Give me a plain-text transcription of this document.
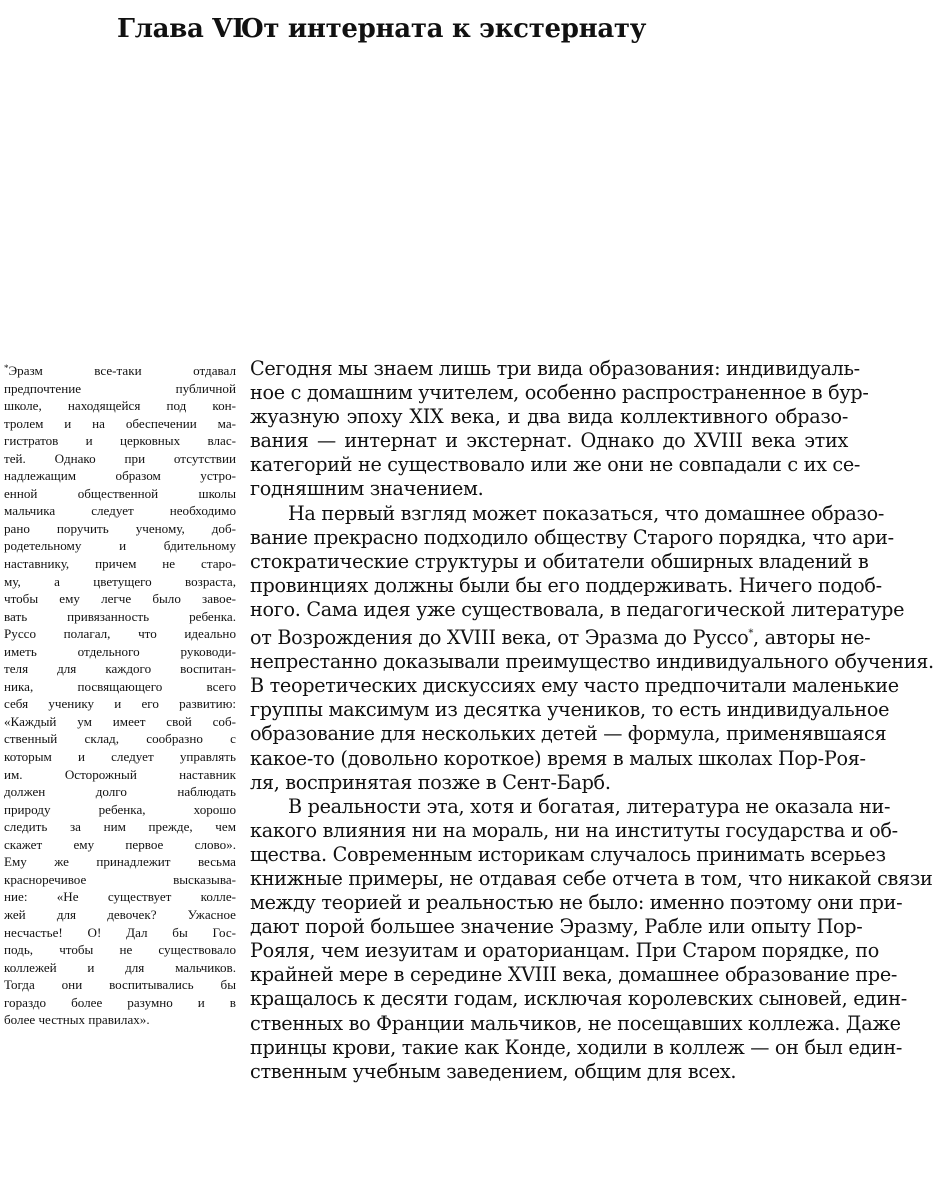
Глава VIОт интерната к экстернату
*Эразм все-таки отдавал
предпочтение публичной
школе, находящейся под кон-
тролем и на обеспечении ма-
гистратов и церковных влас-
тей. Однако при отсутствии
надлежащим образом устро-
енной общественной школы
мальчика следует необходимо
рано поручить ученому, доб-
родетельному и бдительному
наставнику, причем не старо-
му, а цветущего возраста,
чтобы ему легче было завое-
вать привязанность ребенка.
Руссо полагал, что идеально
иметь отдельного руководи-
теля для каждого воспитан-
ника, посвящающего всего
себя ученику и его развитию:
«Каждый ум имеет свой соб-
ственный склад, сообразно с
которым и следует управлять
им. Осторожный наставник
должен долго наблюдать
природу ребенка, хорошо
следить за ним прежде, чем
скажет ему первое слово».
Ему же принадлежит весьма
красноречивое высказыва-
ние: «Не существует колле-
жей для девочек? Ужасное
несчастье! О! Дал бы Гос-
подь, чтобы не существовало
коллежей и для мальчиков.
Тогда они воспитывались бы
гораздо более разумно и в
более честных правилах».
Сегодня мы знаем лишь три вида образования: индивидуаль-
ное с домашним учителем, особенно распространенное в бур-
жуазную эпоху XIX века, и два вида коллективного образо-
вания — интернат и экстернат. Однако до XVIII века этих
категорий не существовало или же они не совпадали с их се-
годняшним значением.
На первый взгляд может показаться, что домашнее образо-
вание прекрасно подходило обществу Старого порядка, что ари-
стократические структуры и обитатели обширных владений в
провинциях должны были бы его поддерживать. Ничего подоб-
ного. Сама идея уже существовала, в педагогической литературе
от Возрождения до XVIII века, от Эразма до Руссо*, авторы не-
непрестанно доказывали преимущество индивидуального обучения.
В теоретических дискуссиях ему часто предпочитали маленькие
группы максимум из десятка учеников, то есть индивидуальное
образование для нескольких детей — формула, применявшаяся
какое-то (довольно короткое) время в малых школах Пор-Роя-
ля, воспринятая позже в Сент-Барб.
В реальности эта, хотя и богатая, литература не оказала ни-
какого влияния ни на мораль, ни на институты государства и об-
щества. Современным историкам случалось принимать всерьез
книжные примеры, не отдавая себе отчета в том, что никакой связи
между теорией и реальностью не было: именно поэтому они при-
дают порой большее значение Эразму, Рабле или опыту Пор-
Рояля, чем иезуитам и ораторианцам. При Старом порядке, по
крайней мере в середине XVIII века, домашнее образование пре-
кращалось к десяти годам, исключая королевских сыновей, един-
ственных во Франции мальчиков, не посещавших коллежа. Даже
принцы крови, такие как Конде, ходили в коллеж — он был един-
ственным учебным заведением, общим для всех.
